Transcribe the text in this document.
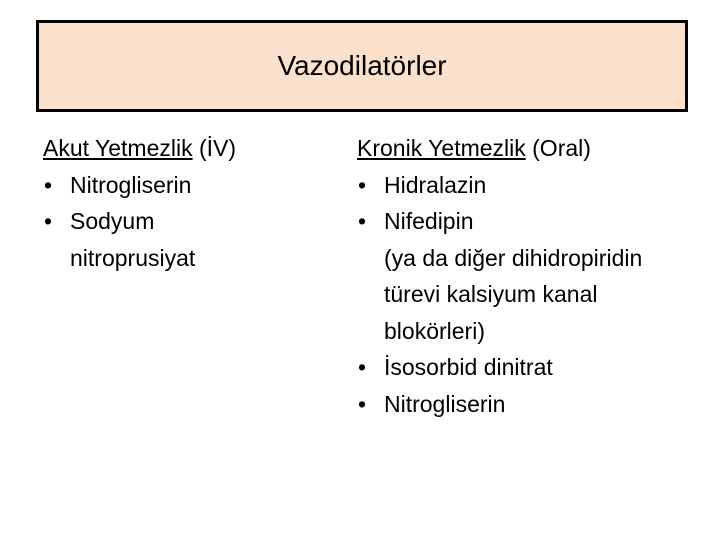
Vazodilatörler
Akut Yetmezlik (İV)
• Nitrogliserin
• Sodyum
nitroprusiyat
Kronik Yetmezlik (Oral)
• Hidralazin
• Nifedipin
(ya da diğer dihidropiridin
türevi kalsiyum kanal
blokörleri)
• İsosorbid dinitrat
• Nitrogliserin
